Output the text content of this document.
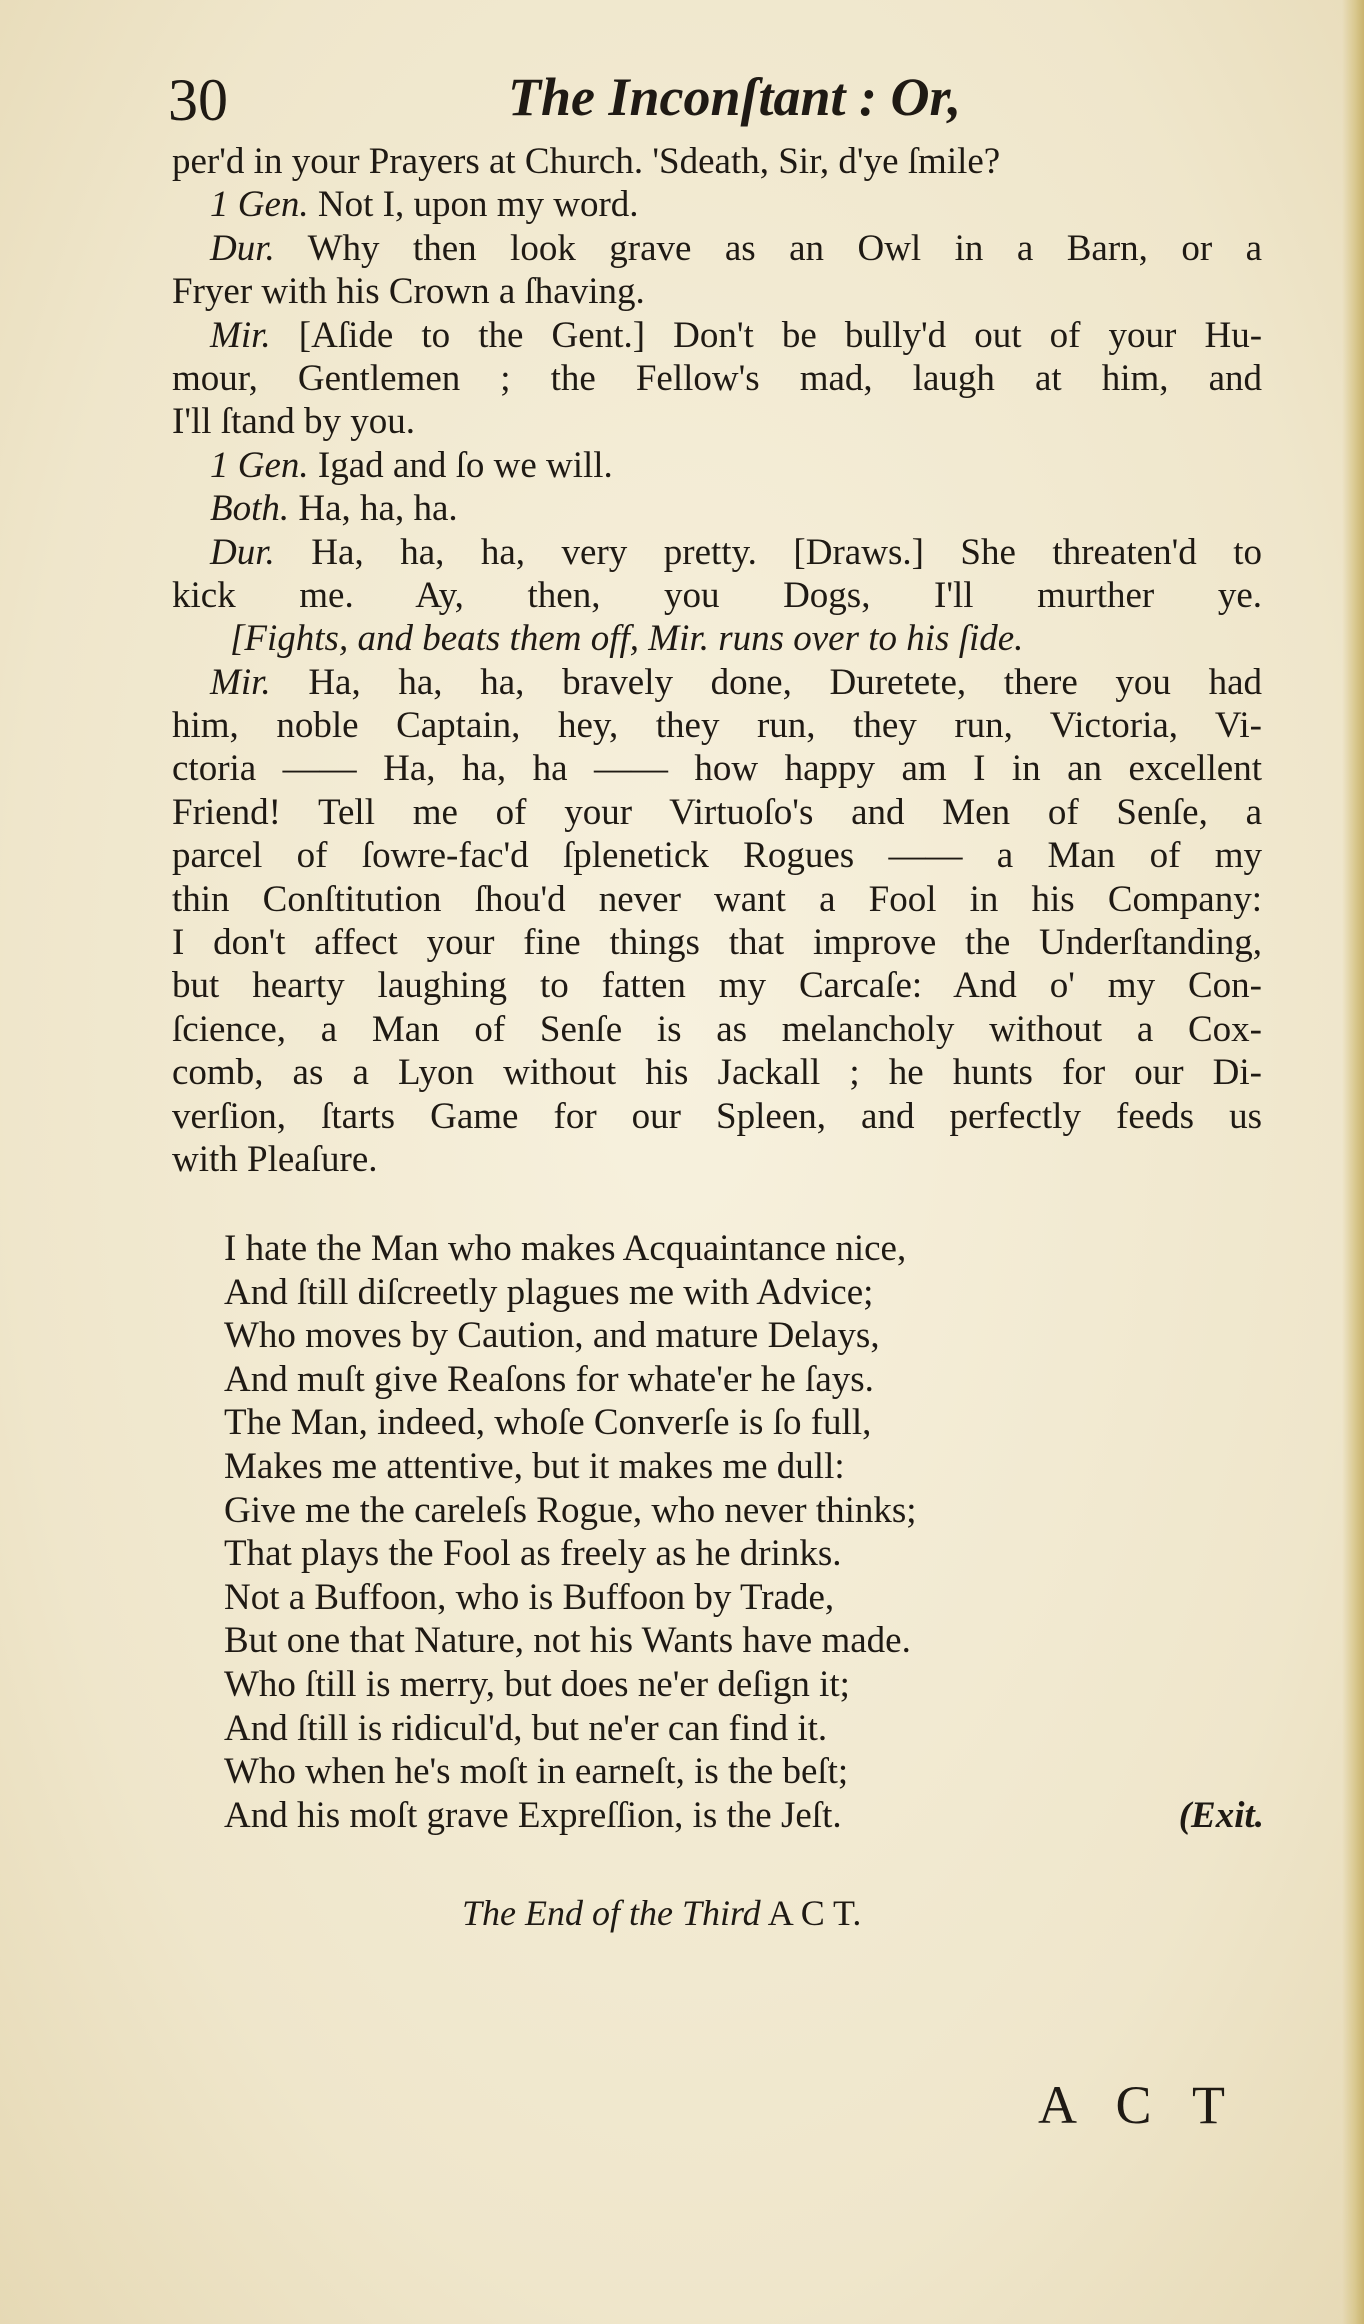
30	The Inconſtant : Or,
per'd in your Prayers at Church. 'Sdeath, Sir, d'ye ſmile?
1 Gen. Not I, upon my word.
Dur. Why then look grave as an Owl in a Barn, or a
Fryer with his Crown a ſhaving.
Mir. [Aſide to the Gent.] Don't be bully'd out of your Hu-
mour, Gentlemen ; the Fellow's mad, laugh at him, and
I'll ſtand by you.
1 Gen. Igad and ſo we will.
Both. Ha, ha, ha.
Dur. Ha, ha, ha, very pretty. [Draws.] She threaten'd to
kick me. Ay, then, you Dogs, I'll murther ye.
[Fights, and beats them off, Mir. runs over to his ſide.
Mir. Ha, ha, ha, bravely done, Duretete, there you had
him, noble Captain, hey, they run, they run, Victoria, Vi-
ctoria —— Ha, ha, ha —— how happy am I in an excellent
Friend! Tell me of your Virtuoſo's and Men of Senſe, a
parcel of ſowre-fac'd ſplenetick Rogues —— a Man of my
thin Conſtitution ſhou'd never want a Fool in his Company:
I don't affect your fine things that improve the Underſtanding,
but hearty laughing to fatten my Carcaſe: And o' my Con-
ſcience, a Man of Senſe is as melancholy without a Cox-
comb, as a Lyon without his Jackall ; he hunts for our Di-
verſion, ſtarts Game for our Spleen, and perfectly feeds us
with Pleaſure.
I hate the Man who makes Acquaintance nice,
And ſtill diſcreetly plagues me with Advice;
Who moves by Caution, and mature Delays,
And muſt give Reaſons for whate'er he ſays.
The Man, indeed, whoſe Converſe is ſo full,
Makes me attentive, but it makes me dull:
Give me the careleſs Rogue, who never thinks;
That plays the Fool as freely as he drinks.
Not a Buffoon, who is Buffoon by Trade,
But one that Nature, not his Wants have made.
Who ſtill is merry, but does ne'er deſign it;
And ſtill is ridicul'd, but ne'er can find it.
Who when he's moſt in earneſt, is the beſt;
And his moſt grave Expreſſion, is the Jeſt.	(Exit.
The End of the Third A C T.
A C T
